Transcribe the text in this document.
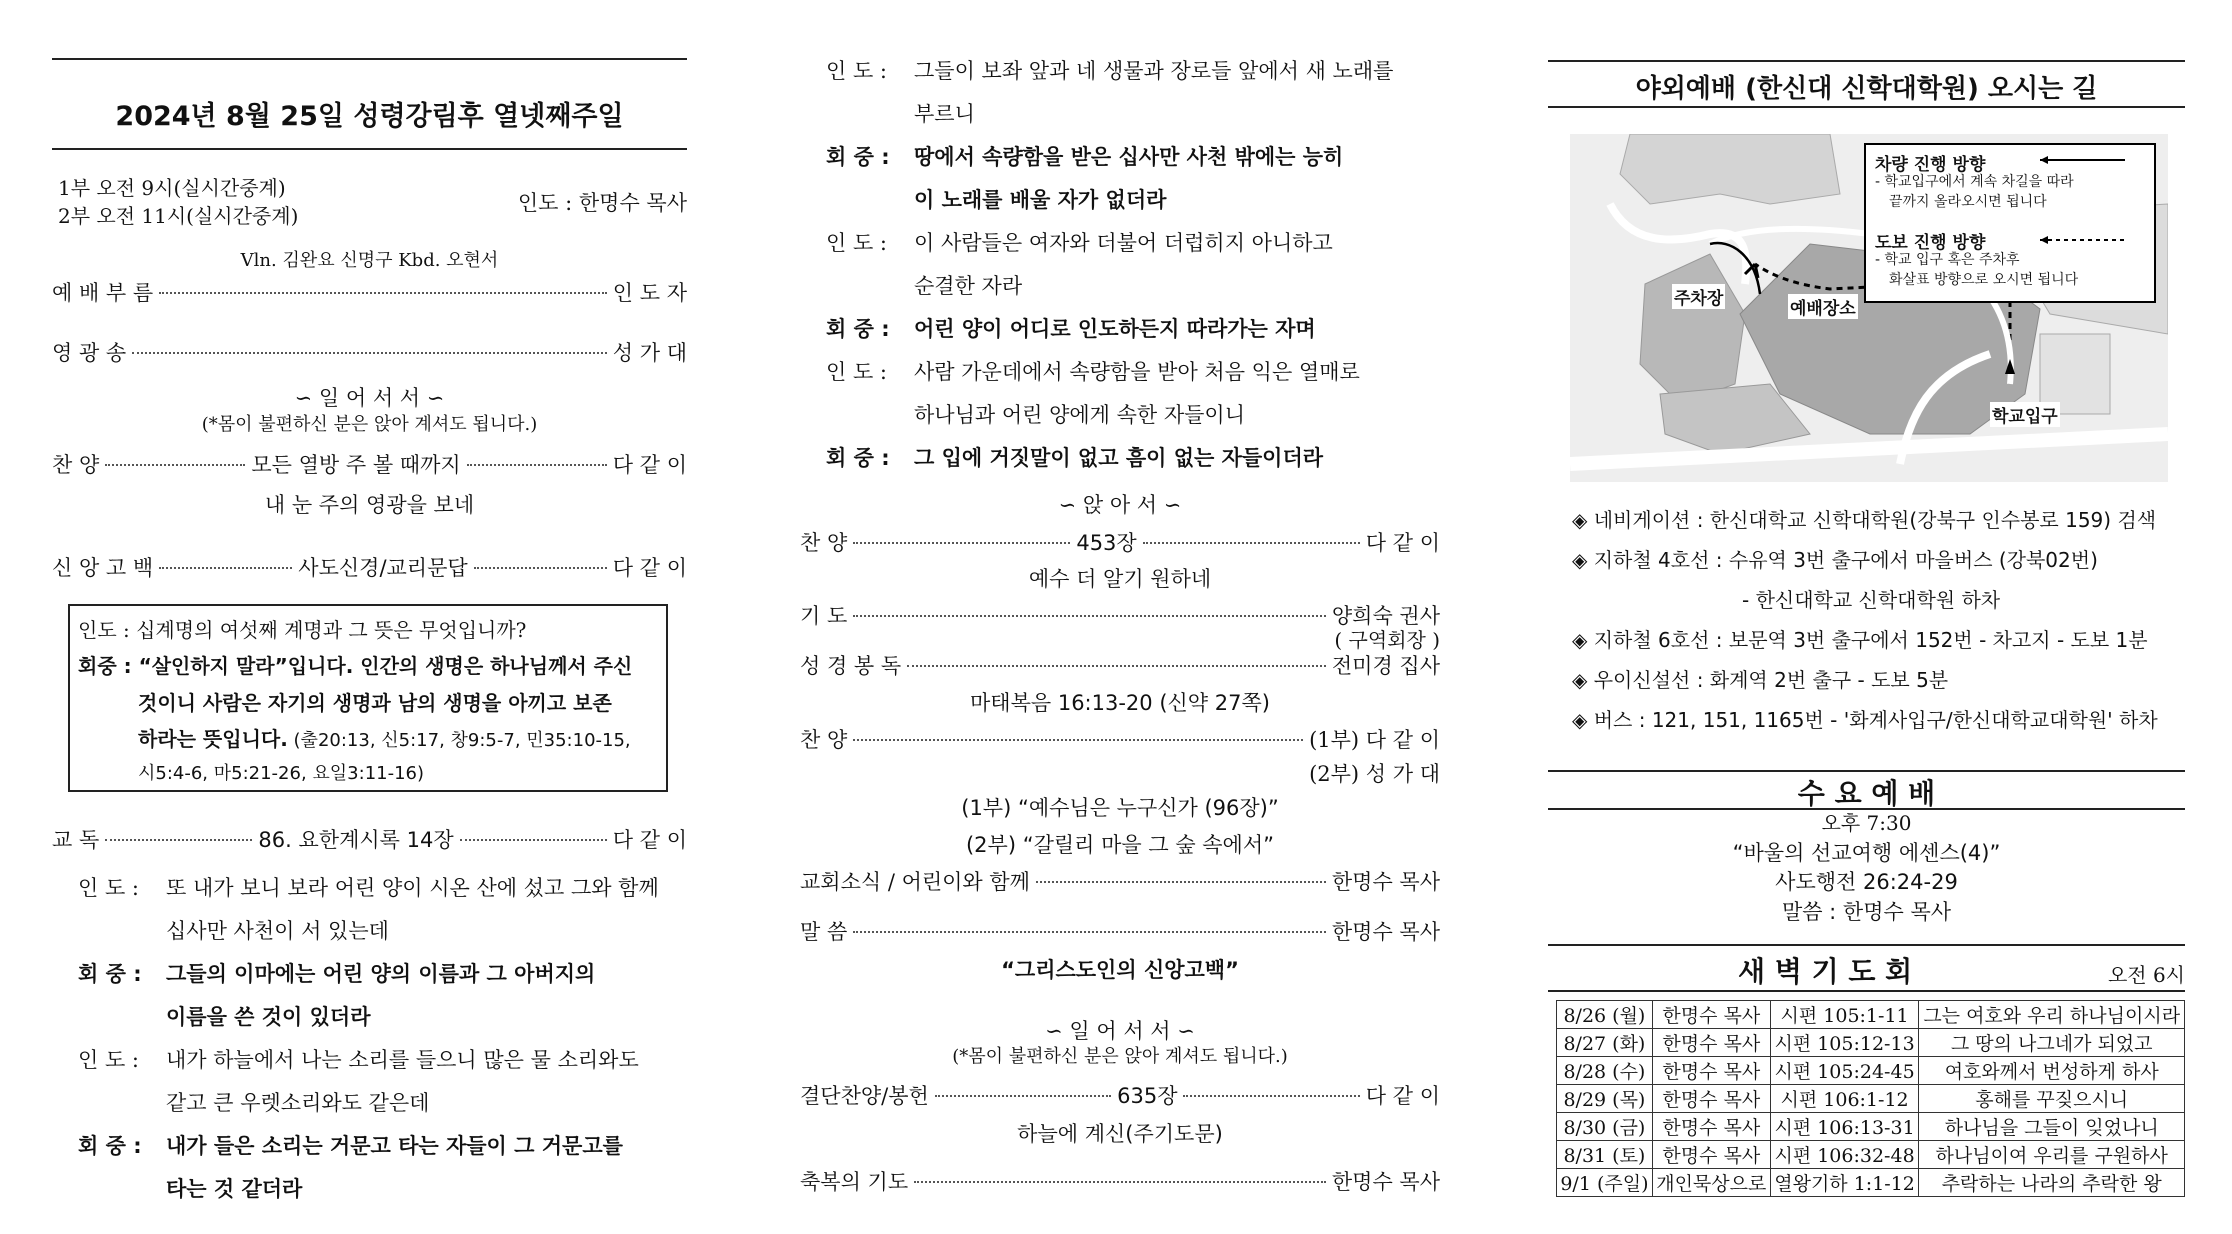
2024년 8월 25일 성령강림후 열넷째주일
1부 오전 9시(실시간중계)
2부 오전 11시(실시간중계)
인도 : 한명수 목사
Vln. 김완요 신명구 Kbd. 오현서
예 배 부 름	인 도 자
영 광 송	성 가 대
∽ 일 어 서 서 ∽
(*몸이 불편하신 분은 앉아 계셔도 됩니다.)
찬 양	모든 열방 주 볼 때까지	다 같 이
내 눈 주의 영광을 보네
신 앙 고 백	사도신경/교리문답	다 같 이
인도 : 십계명의 여섯째 계명과 그 뜻은 무엇입니까?
회중 : “살인하지 말라”입니다. 인간의 생명은 하나님께서 주신
것이니 사람은 자기의 생명과 남의 생명을 아끼고 보존
하라는 뜻입니다. (출20:13, 신5:17, 창9:5-7, 민35:10-15,
시5:4-6, 마5:21-26, 요일3:11-16)
교 독	86. 요한계시록 14장	다 같 이
인 도 :	또 내가 보니 보라 어린 양이 시온 산에 섰고 그와 함께
십사만 사천이 서 있는데
회 중 :	그들의 이마에는 어린 양의 이름과 그 아버지의
이름을 쓴 것이 있더라
인 도 :	내가 하늘에서 나는 소리를 들으니 많은 물 소리와도
같고 큰 우렛소리와도 같은데
회 중 :	내가 들은 소리는 거문고 타는 자들이 그 거문고를
타는 것 같더라
인 도 :	그들이 보좌 앞과 네 생물과 장로들 앞에서 새 노래를
부르니
회 중 :	땅에서 속량함을 받은 십사만 사천 밖에는 능히
이 노래를 배울 자가 없더라
인 도 :	이 사람들은 여자와 더불어 더럽히지 아니하고
순결한 자라
회 중 :	어린 양이 어디로 인도하든지 따라가는 자며
인 도 :	사람 가운데에서 속량함을 받아 처음 익은 열매로
하나님과 어린 양에게 속한 자들이니
회 중 :	그 입에 거짓말이 없고 흠이 없는 자들이더라
∽ 앉 아 서 ∽
찬 양	453장	다 같 이
예수 더 알기 원하네
기 도	양희숙 권사
( 구역회장 )
성 경 봉 독	전미경 집사
마태복음 16:13-20 (신약 27쪽)
찬 양	(1부) 다 같 이
(2부) 성 가 대
(1부) “예수님은 누구신가 (96장)”
(2부) “갈릴리 마을 그 숲 속에서”
교회소식 / 어린이와 함께	한명수 목사
말 씀	한명수 목사
“그리스도인의 신앙고백”
∽ 일 어 서 서 ∽
(*몸이 불편하신 분은 앉아 계셔도 됩니다.)
결단찬양/봉헌	635장	다 같 이
하늘에 계신(주기도문)
축복의 기도	한명수 목사
야외예배 (한신대 신학대학원) 오시는 길
차량 진행 방향
- 학교입구에서 계속 차길을 따라
끝까지 올라오시면 됩니다
도보 진행 방향
- 학교 입구 혹은 주차후
화살표 방향으로 오시면 됩니다
주차장	예배장소
학교입구
◈ 네비게이션 : 한신대학교 신학대학원(강북구 인수봉로 159) 검색
◈ 지하철 4호선 : 수유역 3번 출구에서 마을버스 (강북02번)
- 한신대학교 신학대학원 하차
◈ 지하철 6호선 : 보문역 3번 출구에서 152번 - 차고지 - 도보 1분
◈ 우이신설선 : 화계역 2번 출구 - 도보 5분
◈ 버스 : 121, 151, 1165번 - '화계사입구/한신대학교대학원' 하차
수 요 예 배
오후 7:30
“바울의 선교여행 에센스(4)”
사도행전 26:24-29
말씀 : 한명수 목사
새 벽 기 도 회	오전 6시
8/26 (월)	한명수 목사	시편 105:1-11	그는 여호와 우리 하나님이시라
8/27 (화)	한명수 목사	시편 105:12-13	그 땅의 나그네가 되었고
8/28 (수)	한명수 목사	시편 105:24-45	여호와께서 번성하게 하사
8/29 (목)	한명수 목사	시편 106:1-12	홍해를 꾸짖으시니
8/30 (금)	한명수 목사	시편 106:13-31	하나님을 그들이 잊었나니
8/31 (토)	한명수 목사	시편 106:32-48	하나님이여 우리를 구원하사
9/1 (주일)	개인묵상으로	열왕기하 1:1-12	추락하는 나라의 추락한 왕
